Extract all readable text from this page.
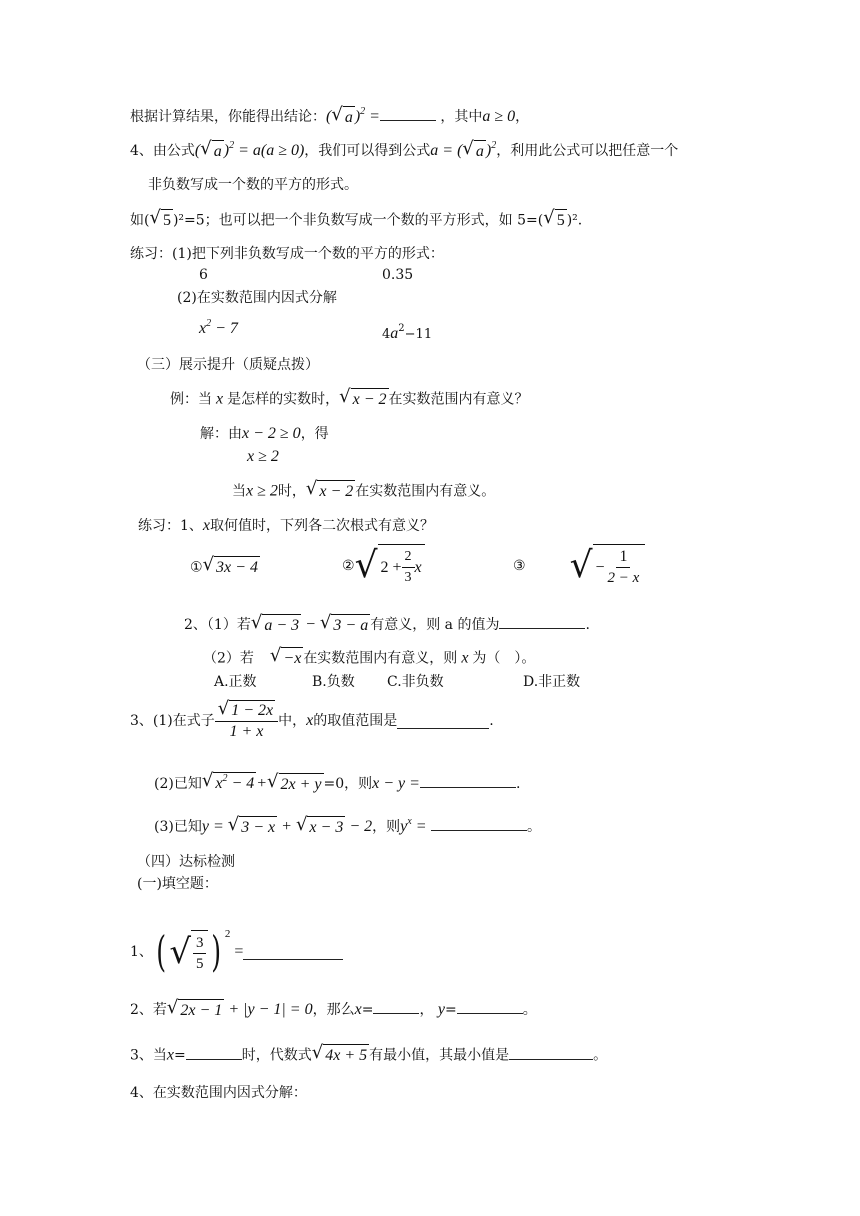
根据计算结果，你能得出结论：( √ a )$^2$ =	，其中a ≥ 0，
4、由公式( √ a )$^2$ = a(a ≥ 0)，我们可以得到公式a = ( √ a )$^2$，利用此公式可以把任意一个
非负数写成一个数的平方的形式。
如( √ 5 )²=5；也可以把一个非负数写成一个数的平方形式，如 5=( √ 5 )².
练习：(1)把下列非负数写成一个数的平方的形式：
6	0.35
(2)在实数范围内因式分解
$x^2 - 7$	$4a^2-11$
（三）展示提升（质疑点拨）
例：当 x 是怎样的实数时， √ x − 2 在实数范围内有意义？
解：由x − 2 ≥ 0，得
x ≥ 2
当x ≥ 2时， √ x − 2 在实数范围内有意义。
练习：1、x取何值时，下列各二次根式有意义？
① √ 3x − 4	② √ $2 + \frac{2}{3}$ x	③ √ − $\frac{1}{2 - x}$
2、（1）若 √ a − 3 − √ 3 − a 有意义，则 a 的值为	.
（2）若 √ −x 在实数范围内有意义，则 x 为（　）。
A.正数	B.负数 C.非负数	D.非正数
3、(1)在式子 $\frac{√ 1 - 2x}{1 + x}$ 中，x的取值范围是	.
(2)已知 √ $x^2 - 4$ + √ 2x + y =0，则x − y =	.
(3)已知y = √ 3 − x + √ x − 3 − 2，则$y^x$ =	。
（四）达标检测
(一)填空题：
1、 ( √ $\frac{3}{5}$ ) 2
=
2、若 √ 2x − 1 + |y − 1| = 0，那么x=	， y=	。
3、当x=	时，代数式 √ 4x + 5 有最小值，其最小值是	。
4、在实数范围内因式分解：
